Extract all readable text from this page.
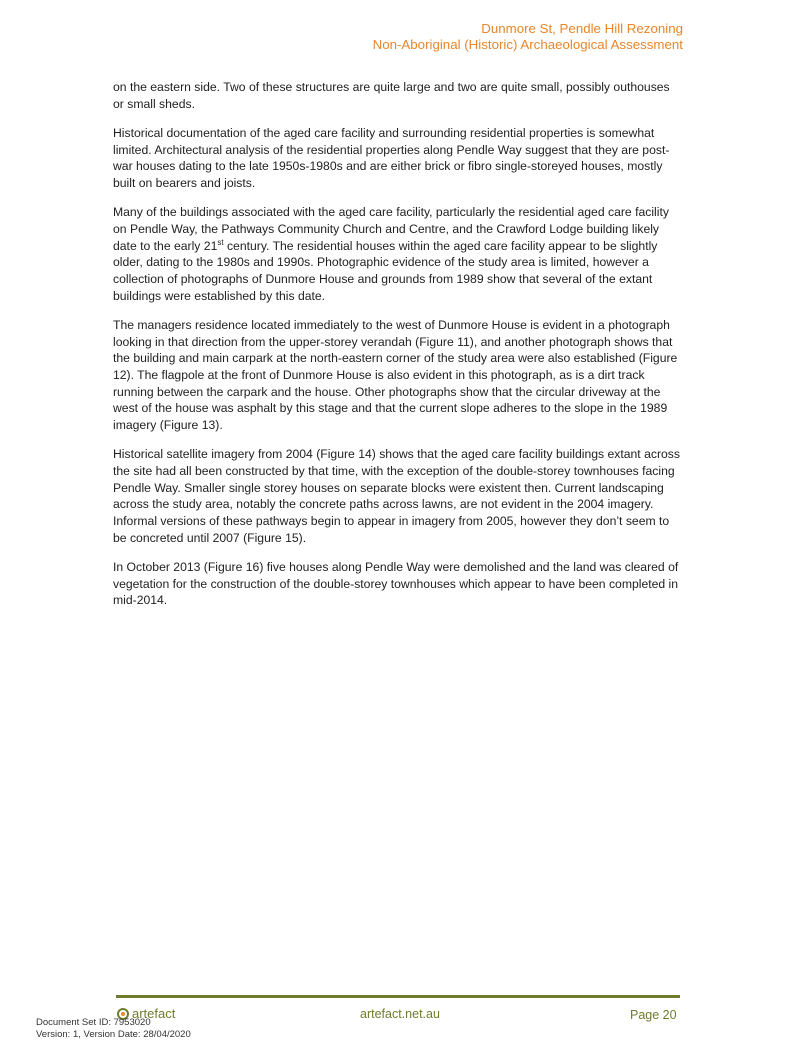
Dunmore St, Pendle Hill Rezoning
Non-Aboriginal (Historic) Archaeological Assessment

on the eastern side. Two of these structures are quite large and two are quite small, possibly outhouses or small sheds.

Historical documentation of the aged care facility and surrounding residential properties is somewhat limited. Architectural analysis of the residential properties along Pendle Way suggest that they are post-war houses dating to the late 1950s-1980s and are either brick or fibro single-storeyed houses, mostly built on bearers and joists.

Many of the buildings associated with the aged care facility, particularly the residential aged care facility on Pendle Way, the Pathways Community Church and Centre, and the Crawford Lodge building likely date to the early 21st century. The residential houses within the aged care facility appear to be slightly older, dating to the 1980s and 1990s. Photographic evidence of the study area is limited, however a collection of photographs of Dunmore House and grounds from 1989 show that several of the extant buildings were established by this date.

The managers residence located immediately to the west of Dunmore House is evident in a photograph looking in that direction from the upper-storey verandah (Figure 11), and another photograph shows that the building and main carpark at the north-eastern corner of the study area were also established (Figure 12). The flagpole at the front of Dunmore House is also evident in this photograph, as is a dirt track running between the carpark and the house. Other photographs show that the circular driveway at the west of the house was asphalt by this stage and that the current slope adheres to the slope in the 1989 imagery (Figure 13).

Historical satellite imagery from 2004 (Figure 14) shows that the aged care facility buildings extant across the site had all been constructed by that time, with the exception of the double-storey townhouses facing Pendle Way. Smaller single storey houses on separate blocks were existent then. Current landscaping across the study area, notably the concrete paths across lawns, are not evident in the 2004 imagery. Informal versions of these pathways begin to appear in imagery from 2005, however they don’t seem to be concreted until 2007 (Figure 15).

In October 2013 (Figure 16) five houses along Pendle Way were demolished and the land was cleared of vegetation for the construction of the double-storey townhouses which appear to have been completed in mid-2014.

artefact	artefact.net.au	Page 20
Document Set ID: 7953020
Version: 1, Version Date: 28/04/2020
